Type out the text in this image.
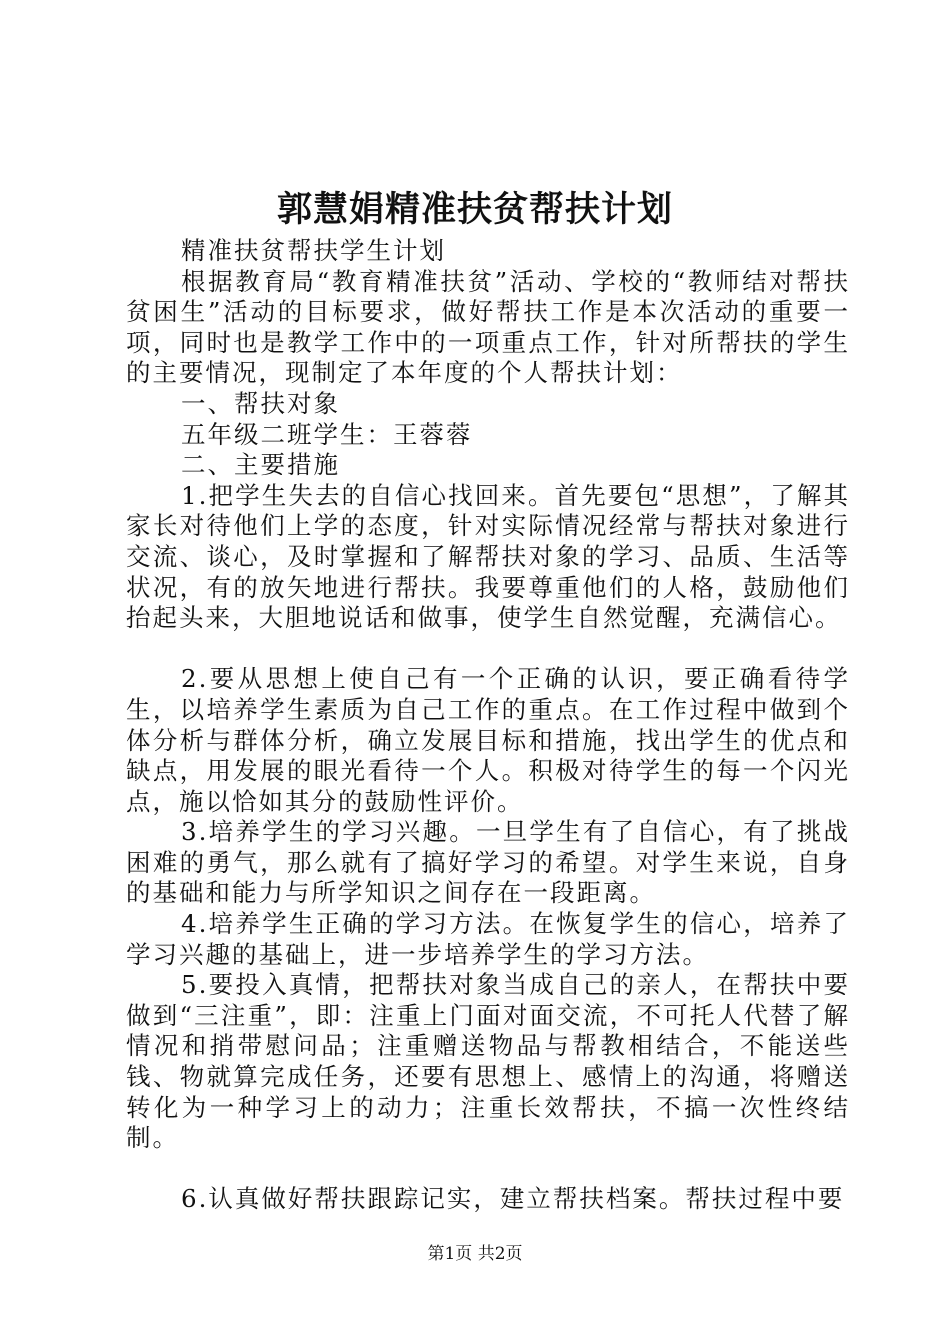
郭慧娟精准扶贫帮扶计划

精准扶贫帮扶学生计划

根据教育局“教育精准扶贫”活动、学校的“教师结对帮扶贫困生”活动的目标要求，做好帮扶工作是本次活动的重要一项，同时也是教学工作中的一项重点工作，针对所帮扶的学生的主要情况，现制定了本年度的个人帮扶计划：

一、帮扶对象

五年级二班学生：王蓉蓉

二、主要措施

1.把学生失去的自信心找回来。首先要包“思想”，了解其家长对待他们上学的态度，针对实际情况经常与帮扶对象进行交流、谈心，及时掌握和了解帮扶对象的学习、品质、生活等状况，有的放矢地进行帮扶。我要尊重他们的人格，鼓励他们抬起头来，大胆地说话和做事，使学生自然觉醒，充满信心。

2.要从思想上使自己有一个正确的认识，要正确看待学生，以培养学生素质为自己工作的重点。在工作过程中做到个体分析与群体分析，确立发展目标和措施，找出学生的优点和缺点，用发展的眼光看待一个人。积极对待学生的每一个闪光点，施以恰如其分的鼓励性评价。

3.培养学生的学习兴趣。一旦学生有了自信心，有了挑战困难的勇气，那么就有了搞好学习的希望。对学生来说，自身的基础和能力与所学知识之间存在一段距离。

4.培养学生正确的学习方法。在恢复学生的信心，培养了学习兴趣的基础上，进一步培养学生的学习方法。

5.要投入真情，把帮扶对象当成自己的亲人，在帮扶中要做到“三注重”，即：注重上门面对面交流，不可托人代替了解情况和捎带慰问品；注重赠送物品与帮教相结合，不能送些钱、物就算完成任务，还要有思想上、感情上的沟通，将赠送转化为一种学习上的动力；注重长效帮扶，不搞一次性终结制。

6.认真做好帮扶跟踪记实，建立帮扶档案。帮扶过程中要

第1页 共2页
